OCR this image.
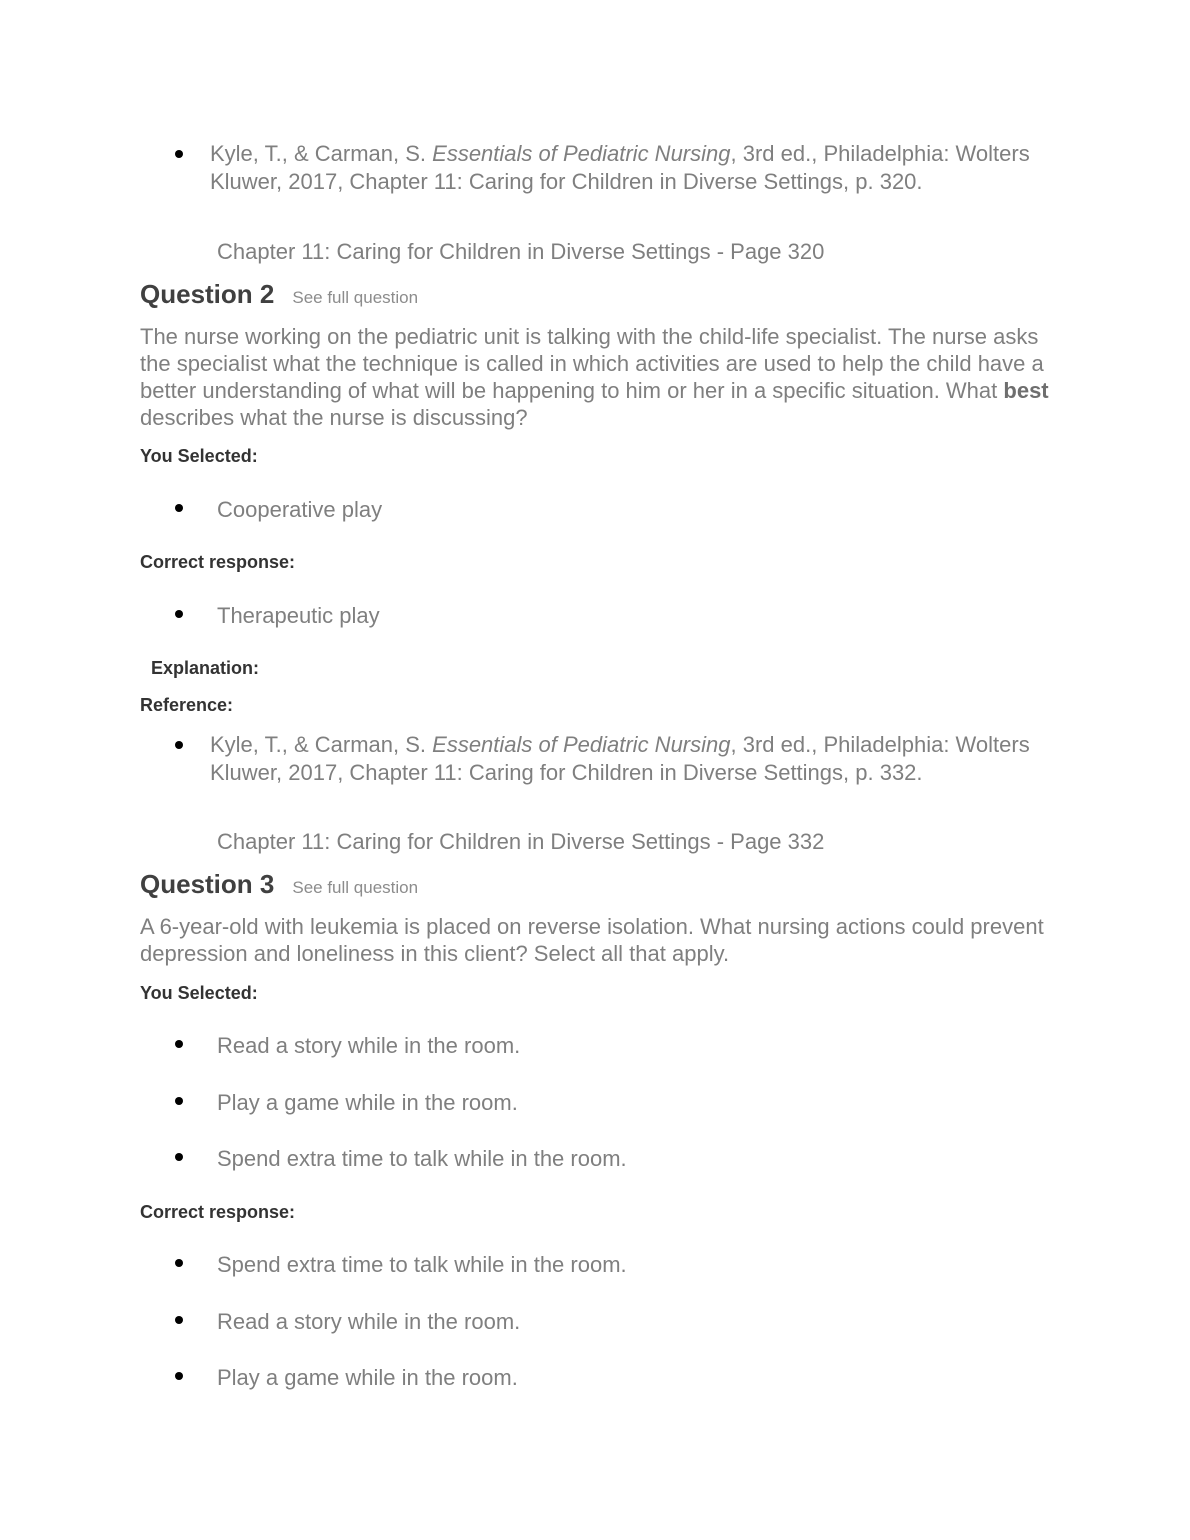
Kyle, T., & Carman, S. Essentials of Pediatric Nursing, 3rd ed., Philadelphia: Wolters Kluwer, 2017, Chapter 11: Caring for Children in Diverse Settings, p. 320.
Chapter 11: Caring for Children in Diverse Settings - Page 320
Question 2 See full question
The nurse working on the pediatric unit is talking with the child-life specialist. The nurse asks the specialist what the technique is called in which activities are used to help the child have a better understanding of what will be happening to him or her in a specific situation. What best describes what the nurse is discussing?
You Selected:
Cooperative play
Correct response:
Therapeutic play
Explanation:
Reference:
Kyle, T., & Carman, S. Essentials of Pediatric Nursing, 3rd ed., Philadelphia: Wolters Kluwer, 2017, Chapter 11: Caring for Children in Diverse Settings, p. 332.
Chapter 11: Caring for Children in Diverse Settings - Page 332
Question 3 See full question
A 6-year-old with leukemia is placed on reverse isolation. What nursing actions could prevent depression and loneliness in this client? Select all that apply.
You Selected:
Read a story while in the room.
Play a game while in the room.
Spend extra time to talk while in the room.
Correct response:
Spend extra time to talk while in the room.
Read a story while in the room.
Play a game while in the room.
